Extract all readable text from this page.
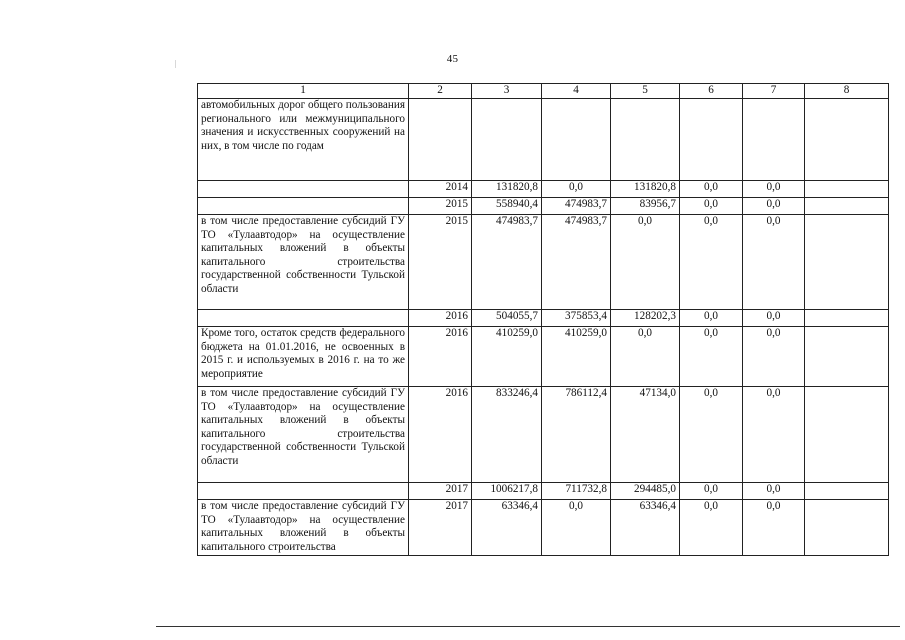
45
1	2	3	4	5	6	7	8
автомобильных дорог общего пользования регионального или межмуниципального значения и искусственных сооружений на них, в том числе по годам							
	2014	131820,8	0,0	131820,8	0,0	0,0	
	2015	558940,4	474983,7	83956,7	0,0	0,0	
в том числе предоставление субсидий ГУ ТО «Тулаавтодор» на осуществление капитальных вложений в объекты капитального строительства государственной собственности Тульской области	2015	474983,7	474983,7	0,0	0,0	0,0	
	2016	504055,7	375853,4	128202,3	0,0	0,0	
Кроме того, остаток средств федерального бюджета на 01.01.2016, не освоенных в 2015 г. и используемых в 2016 г. на то же мероприятие	2016	410259,0	410259,0	0,0	0,0	0,0	
в том числе предоставление субсидий ГУ ТО «Тулаавтодор» на осуществление капитальных вложений в объекты капитального строительства государственной собственности Тульской области	2016	833246,4	786112,4	47134,0	0,0	0,0	
	2017	1006217,8	711732,8	294485,0	0,0	0,0	
в том числе предоставление субсидий ГУ ТО «Тулаавтодор» на осуществление капитальных вложений в объекты капитального строительства	2017	63346,4	0,0	63346,4	0,0	0,0	
